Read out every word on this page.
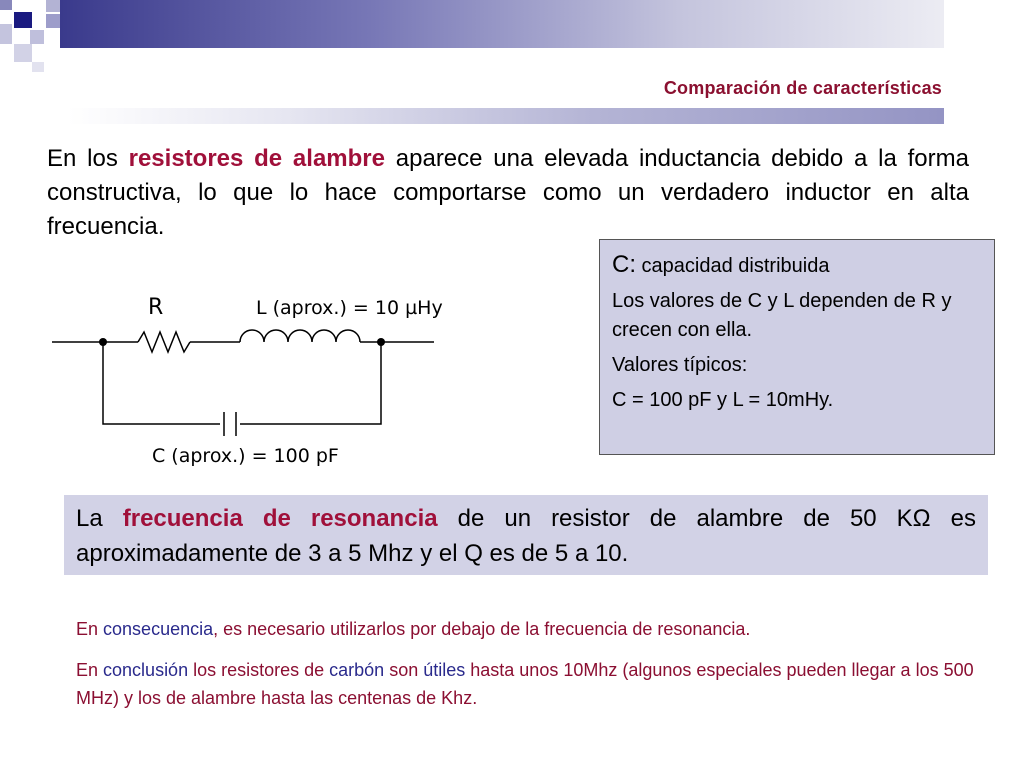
Comparación de características

En los resistores de alambre aparece una elevada inductancia debido a la forma constructiva, lo que lo hace comportarse como un verdadero inductor en alta frecuencia.

R	L (aprox.) = 10 µHy
C (aprox.) = 100 pF

C: capacidad distribuida

Los valores de C y L dependen de R y crecen con ella.

Valores típicos:

C = 100 pF y L = 10mHy.

La frecuencia de resonancia de un resistor de alambre de 50 KΩ es aproximadamente de 3 a 5 Mhz y el Q es de 5 a 10.

En consecuencia, es necesario utilizarlos por debajo de la frecuencia de resonancia.

En conclusión los resistores de carbón son útiles hasta unos 10Mhz (algunos especiales pueden llegar a los 500 MHz) y los de alambre hasta las centenas de Khz.
